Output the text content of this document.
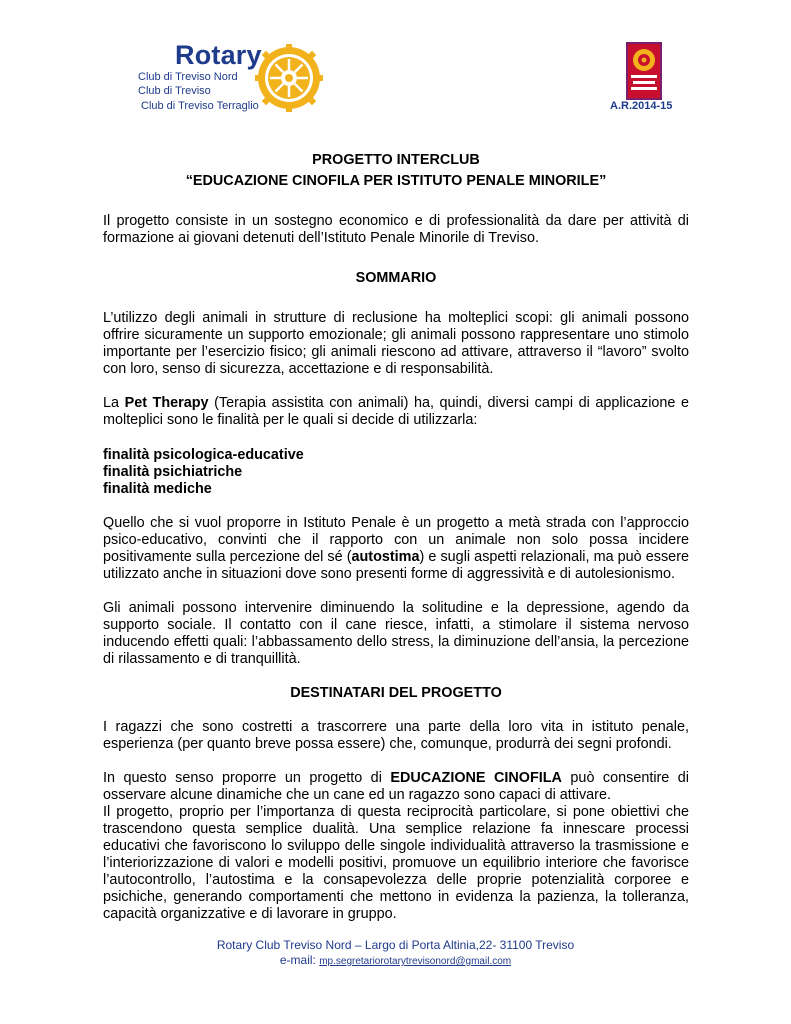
Rotary
Club di Treviso Nord
Club di Treviso
Club di Treviso Terraglio	A.R.2014-15

PROGETTO INTERCLUB

“EDUCAZIONE CINOFILA PER ISTITUTO PENALE MINORILE”

Il progetto consiste in un sostegno economico e di professionalità da dare per attività di formazione ai giovani detenuti dell’Istituto Penale Minorile di Treviso.

SOMMARIO

L’utilizzo degli animali in strutture di reclusione ha molteplici scopi: gli animali possono offrire sicuramente un supporto emozionale; gli animali possono rappresentare uno stimolo importante per l’esercizio fisico; gli animali riescono ad attivare, attraverso il “lavoro” svolto con loro, senso di sicurezza, accettazione e di responsabilità.

La Pet Therapy (Terapia assistita con animali) ha, quindi, diversi campi di applicazione e molteplici sono le finalità per le quali si decide di utilizzarla:

finalità psicologica-educative

finalità psichiatriche

finalità mediche

Quello che si vuol proporre in Istituto Penale è un progetto a metà strada con l’approccio psico-educativo, convinti che il rapporto con un animale non solo possa incidere positivamente sulla percezione del sé (autostima) e sugli aspetti relazionali, ma può essere utilizzato anche in situazioni dove sono presenti forme di aggressività e di autolesionismo.

Gli animali possono intervenire diminuendo la solitudine e la depressione, agendo da supporto sociale. Il contatto con il cane riesce, infatti, a stimolare il sistema nervoso inducendo effetti quali: l’abbassamento dello stress, la diminuzione dell’ansia, la percezione di rilassamento e di tranquillità.

DESTINATARI DEL PROGETTO

I ragazzi che sono costretti a trascorrere una parte della loro vita in istituto penale, esperienza (per quanto breve possa essere) che, comunque, produrrà dei segni profondi.

In questo senso proporre un progetto di EDUCAZIONE CINOFILA può consentire di osservare alcune dinamiche che un cane ed un ragazzo sono capaci di attivare.

Il progetto, proprio per l’importanza di questa reciprocità particolare, si pone obiettivi che trascendono questa semplice dualità. Una semplice relazione fa innescare processi educativi che favoriscono lo sviluppo delle singole individualità attraverso la trasmissione e l’interiorizzazione di valori e modelli positivi, promuove un equilibrio interiore che favorisce l’autocontrollo, l’autostima e la consapevolezza delle proprie potenzialità corporee e psichiche, generando comportamenti che mettono in evidenza la pazienza, la tolleranza, capacità organizzative e di lavorare in gruppo.

Rotary Club Treviso Nord – Largo di Porta Altinia,22- 31100 Treviso
e-mail: mp.segretariorotarytrevisonord@gmail.com
